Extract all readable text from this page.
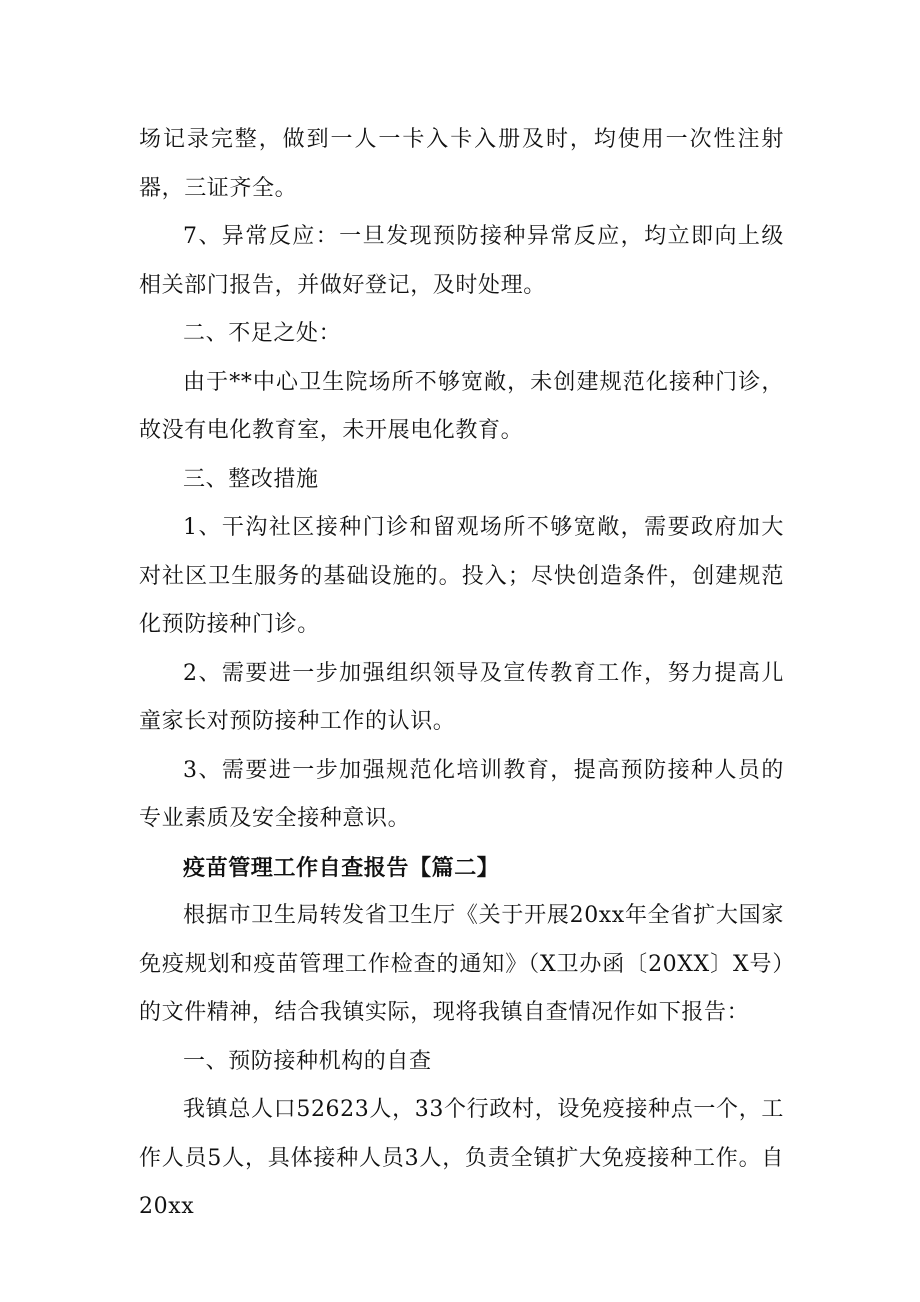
场记录完整，做到一人一卡入卡入册及时，均使用一次性注射器，三证齐全。

7、异常反应：一旦发现预防接种异常反应，均立即向上级相关部门报告，并做好登记，及时处理。

二、不足之处：

由于**中心卫生院场所不够宽敞，未创建规范化接种门诊，故没有电化教育室，未开展电化教育。

三、整改措施

1、干沟社区接种门诊和留观场所不够宽敞，需要政府加大对社区卫生服务的基础设施的。投入；尽快创造条件，创建规范化预防接种门诊。

2、需要进一步加强组织领导及宣传教育工作，努力提高儿童家长对预防接种工作的认识。

3、需要进一步加强规范化培训教育，提高预防接种人员的专业素质及安全接种意识。

疫苗管理工作自查报告【篇二】

根据市卫生局转发省卫生厅《关于开展20xx年全省扩大国家免疫规划和疫苗管理工作检查的通知》（X卫办函〔20XX〕X号）的文件精神，结合我镇实际，现将我镇自查情况作如下报告：

一、预防接种机构的自查

我镇总人口52623人，33个行政村，设免疫接种点一个，工作人员5人，具体接种人员3人，负责全镇扩大免疫接种工作。自20xx
